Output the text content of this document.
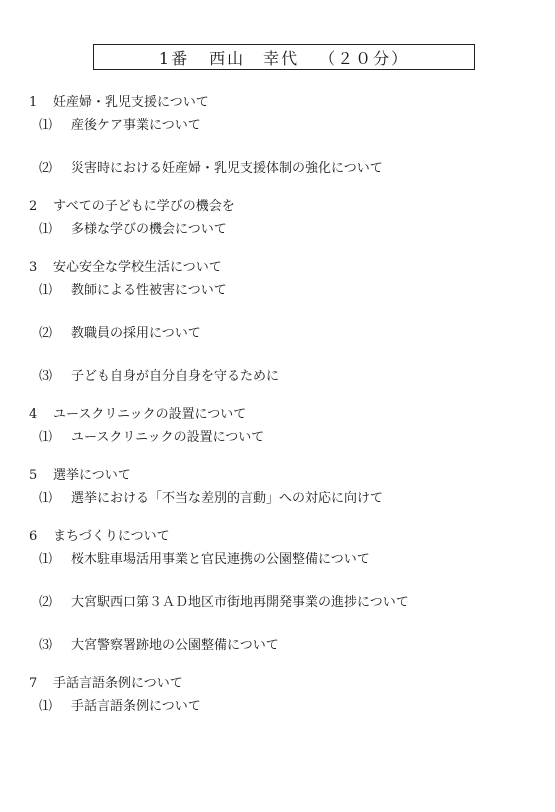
1番 西山　幸代 （２０分）
1	妊産婦・乳児支援について
⑴	産後ケア事業について
⑵	災害時における妊産婦・乳児支援体制の強化について
2	すべての子どもに学びの機会を
⑴	多様な学びの機会について
3	安心安全な学校生活について
⑴	教師による性被害について
⑵	教職員の採用について
⑶	子ども自身が自分自身を守るために
4	ユースクリニックの設置について
⑴	ユースクリニックの設置について
5	選挙について
⑴	選挙における「不当な差別的言動」への対応に向けて
6	まちづくりについて
⑴	桜木駐車場活用事業と官民連携の公園整備について
⑵	大宮駅西口第３ＡＤ地区市街地再開発事業の進捗について
⑶	大宮警察署跡地の公園整備について
7	手話言語条例について
⑴	手話言語条例について
